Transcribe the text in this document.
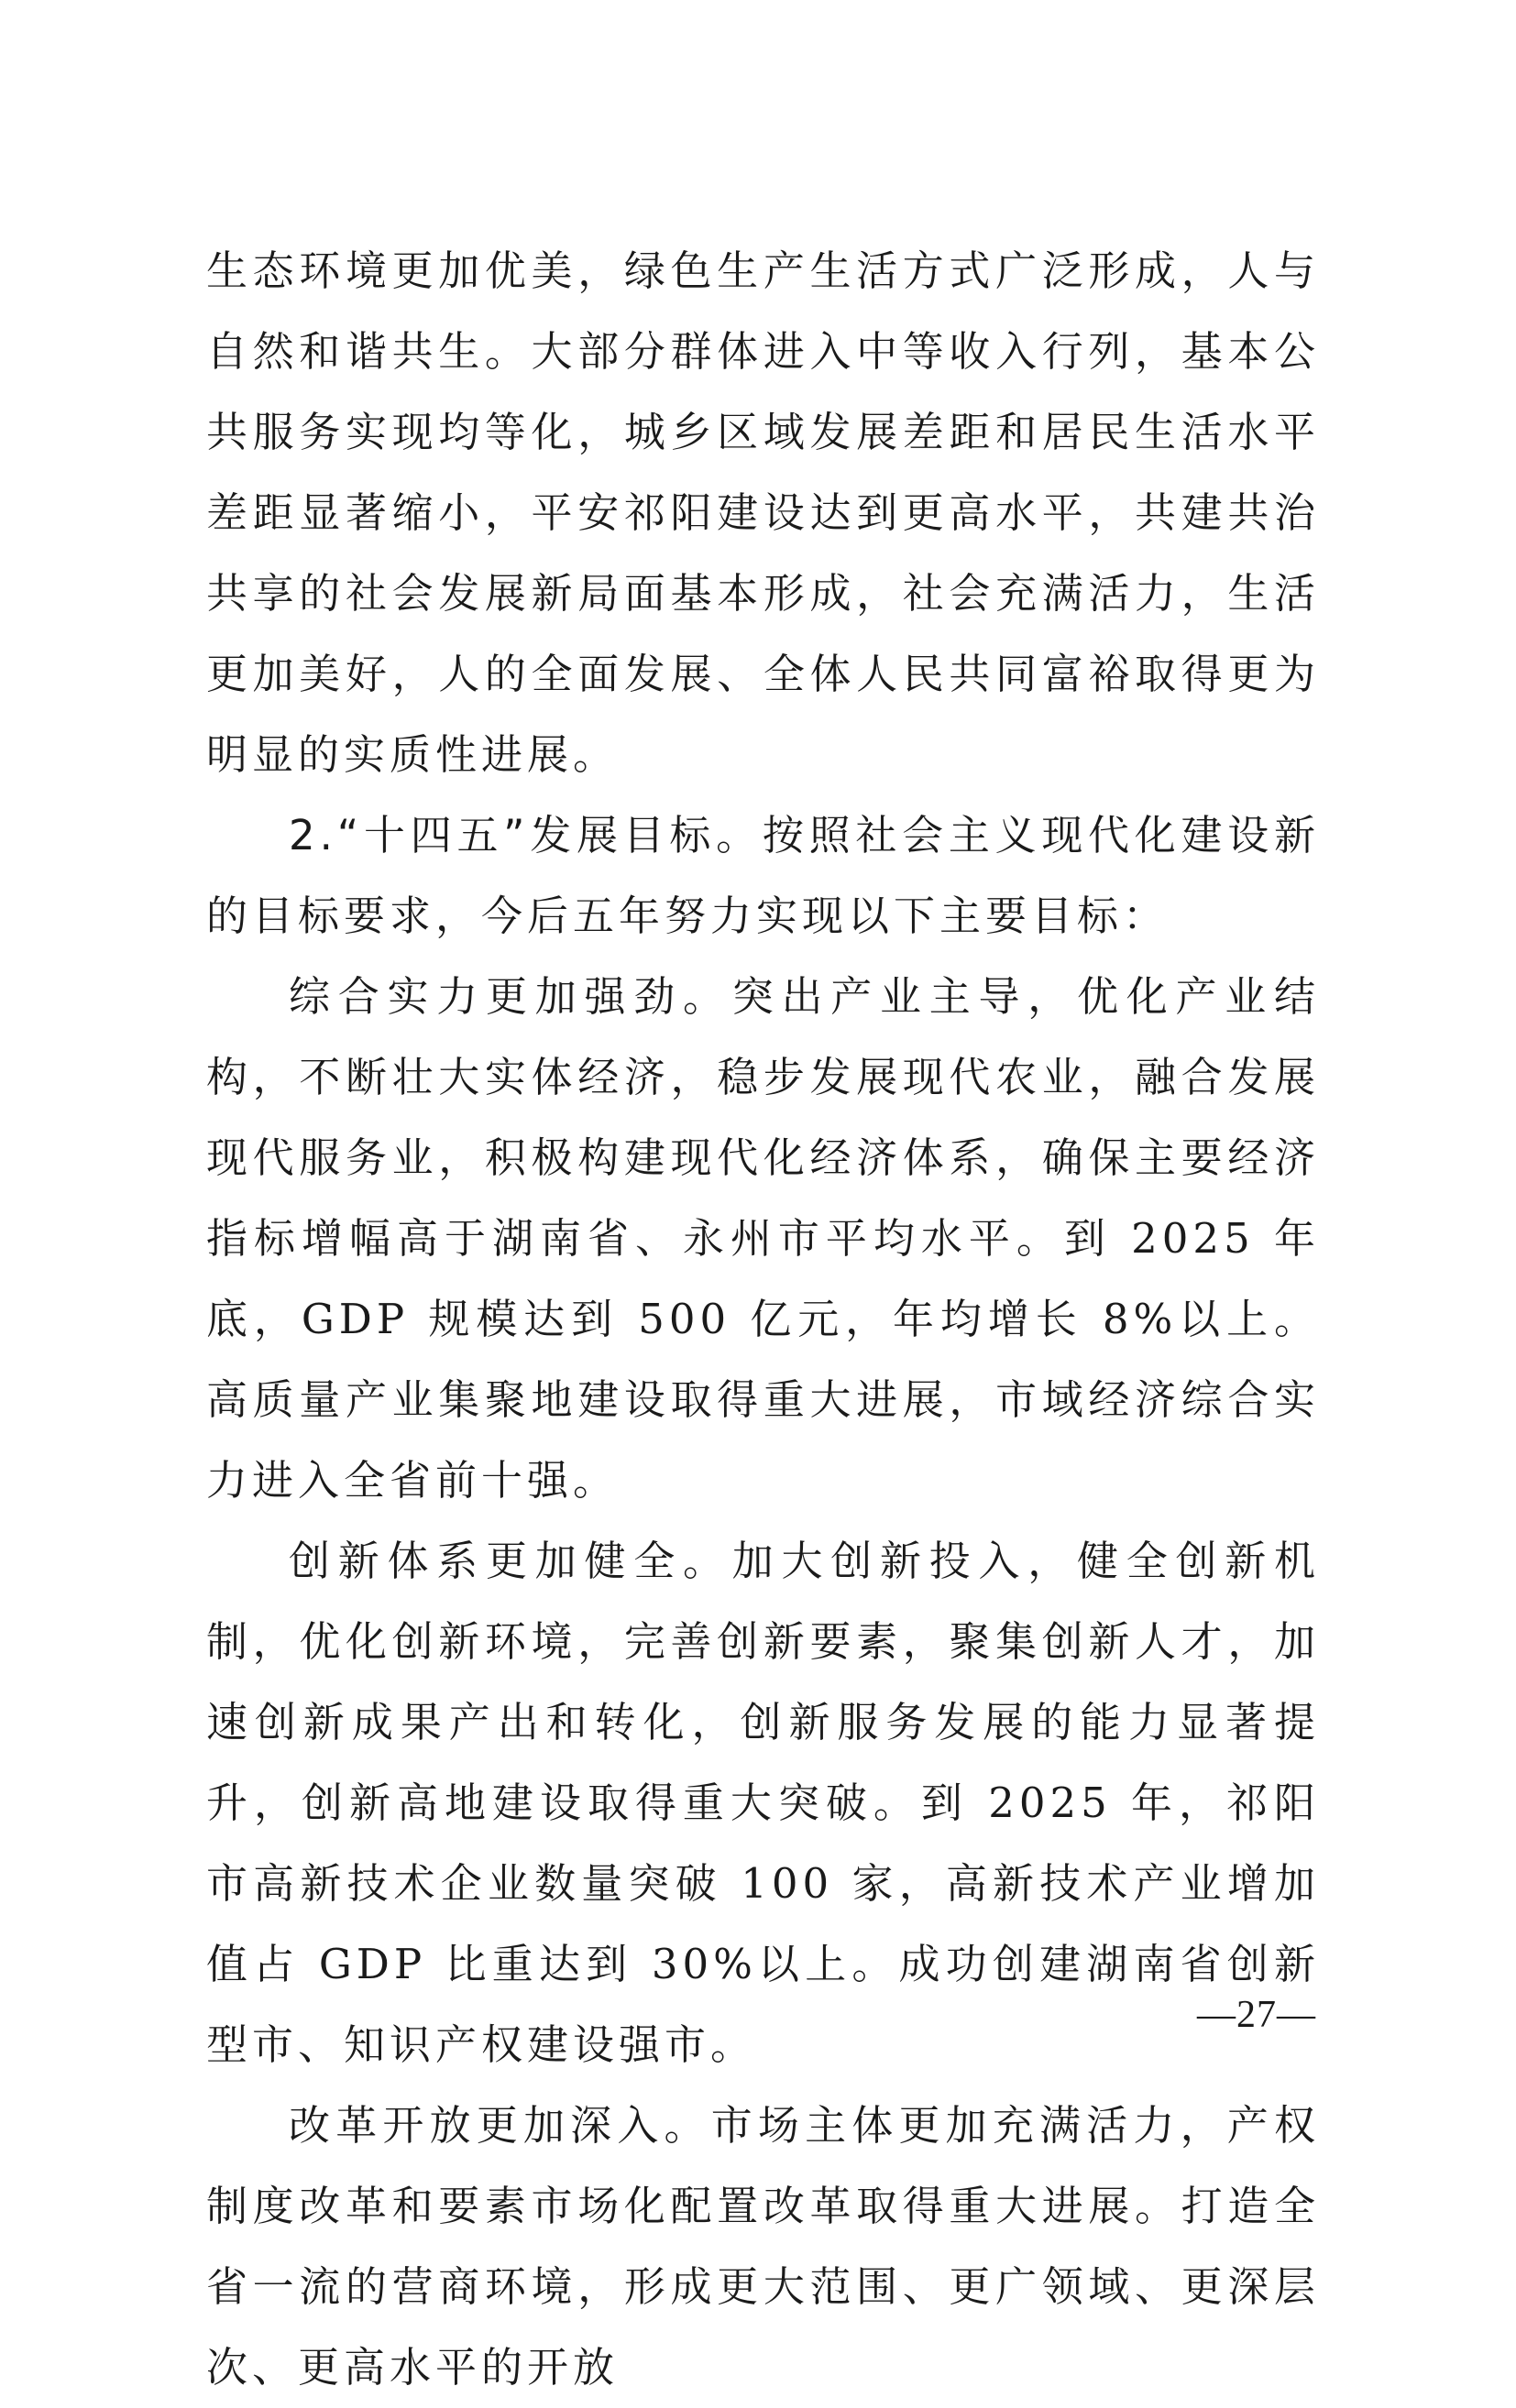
生态环境更加优美，绿色生产生活方式广泛形成，人与自然和谐共生。大部分群体进入中等收入行列，基本公共服务实现均等化，城乡区域发展差距和居民生活水平差距显著缩小，平安祁阳建设达到更高水平，共建共治共享的社会发展新局面基本形成，社会充满活力，生活更加美好，人的全面发展、全体人民共同富裕取得更为明显的实质性进展。

2.“十四五”发展目标。按照社会主义现代化建设新的目标要求，今后五年努力实现以下主要目标：

综合实力更加强劲。突出产业主导，优化产业结构，不断壮大实体经济，稳步发展现代农业，融合发展现代服务业，积极构建现代化经济体系，确保主要经济指标增幅高于湖南省、永州市平均水平。到 2025 年底，GDP 规模达到 500 亿元，年均增长 8%以上。高质量产业集聚地建设取得重大进展，市域经济综合实力进入全省前十强。

创新体系更加健全。加大创新投入，健全创新机制，优化创新环境，完善创新要素，聚集创新人才，加速创新成果产出和转化，创新服务发展的能力显著提升，创新高地建设取得重大突破。到 2025 年，祁阳市高新技术企业数量突破 100 家，高新技术产业增加值占 GDP 比重达到 30%以上。成功创建湖南省创新型市、知识产权建设强市。

改革开放更加深入。市场主体更加充满活力，产权制度改革和要素市场化配置改革取得重大进展。打造全省一流的营商环境，形成更大范围、更广领域、更深层次、更高水平的开放

—27—
